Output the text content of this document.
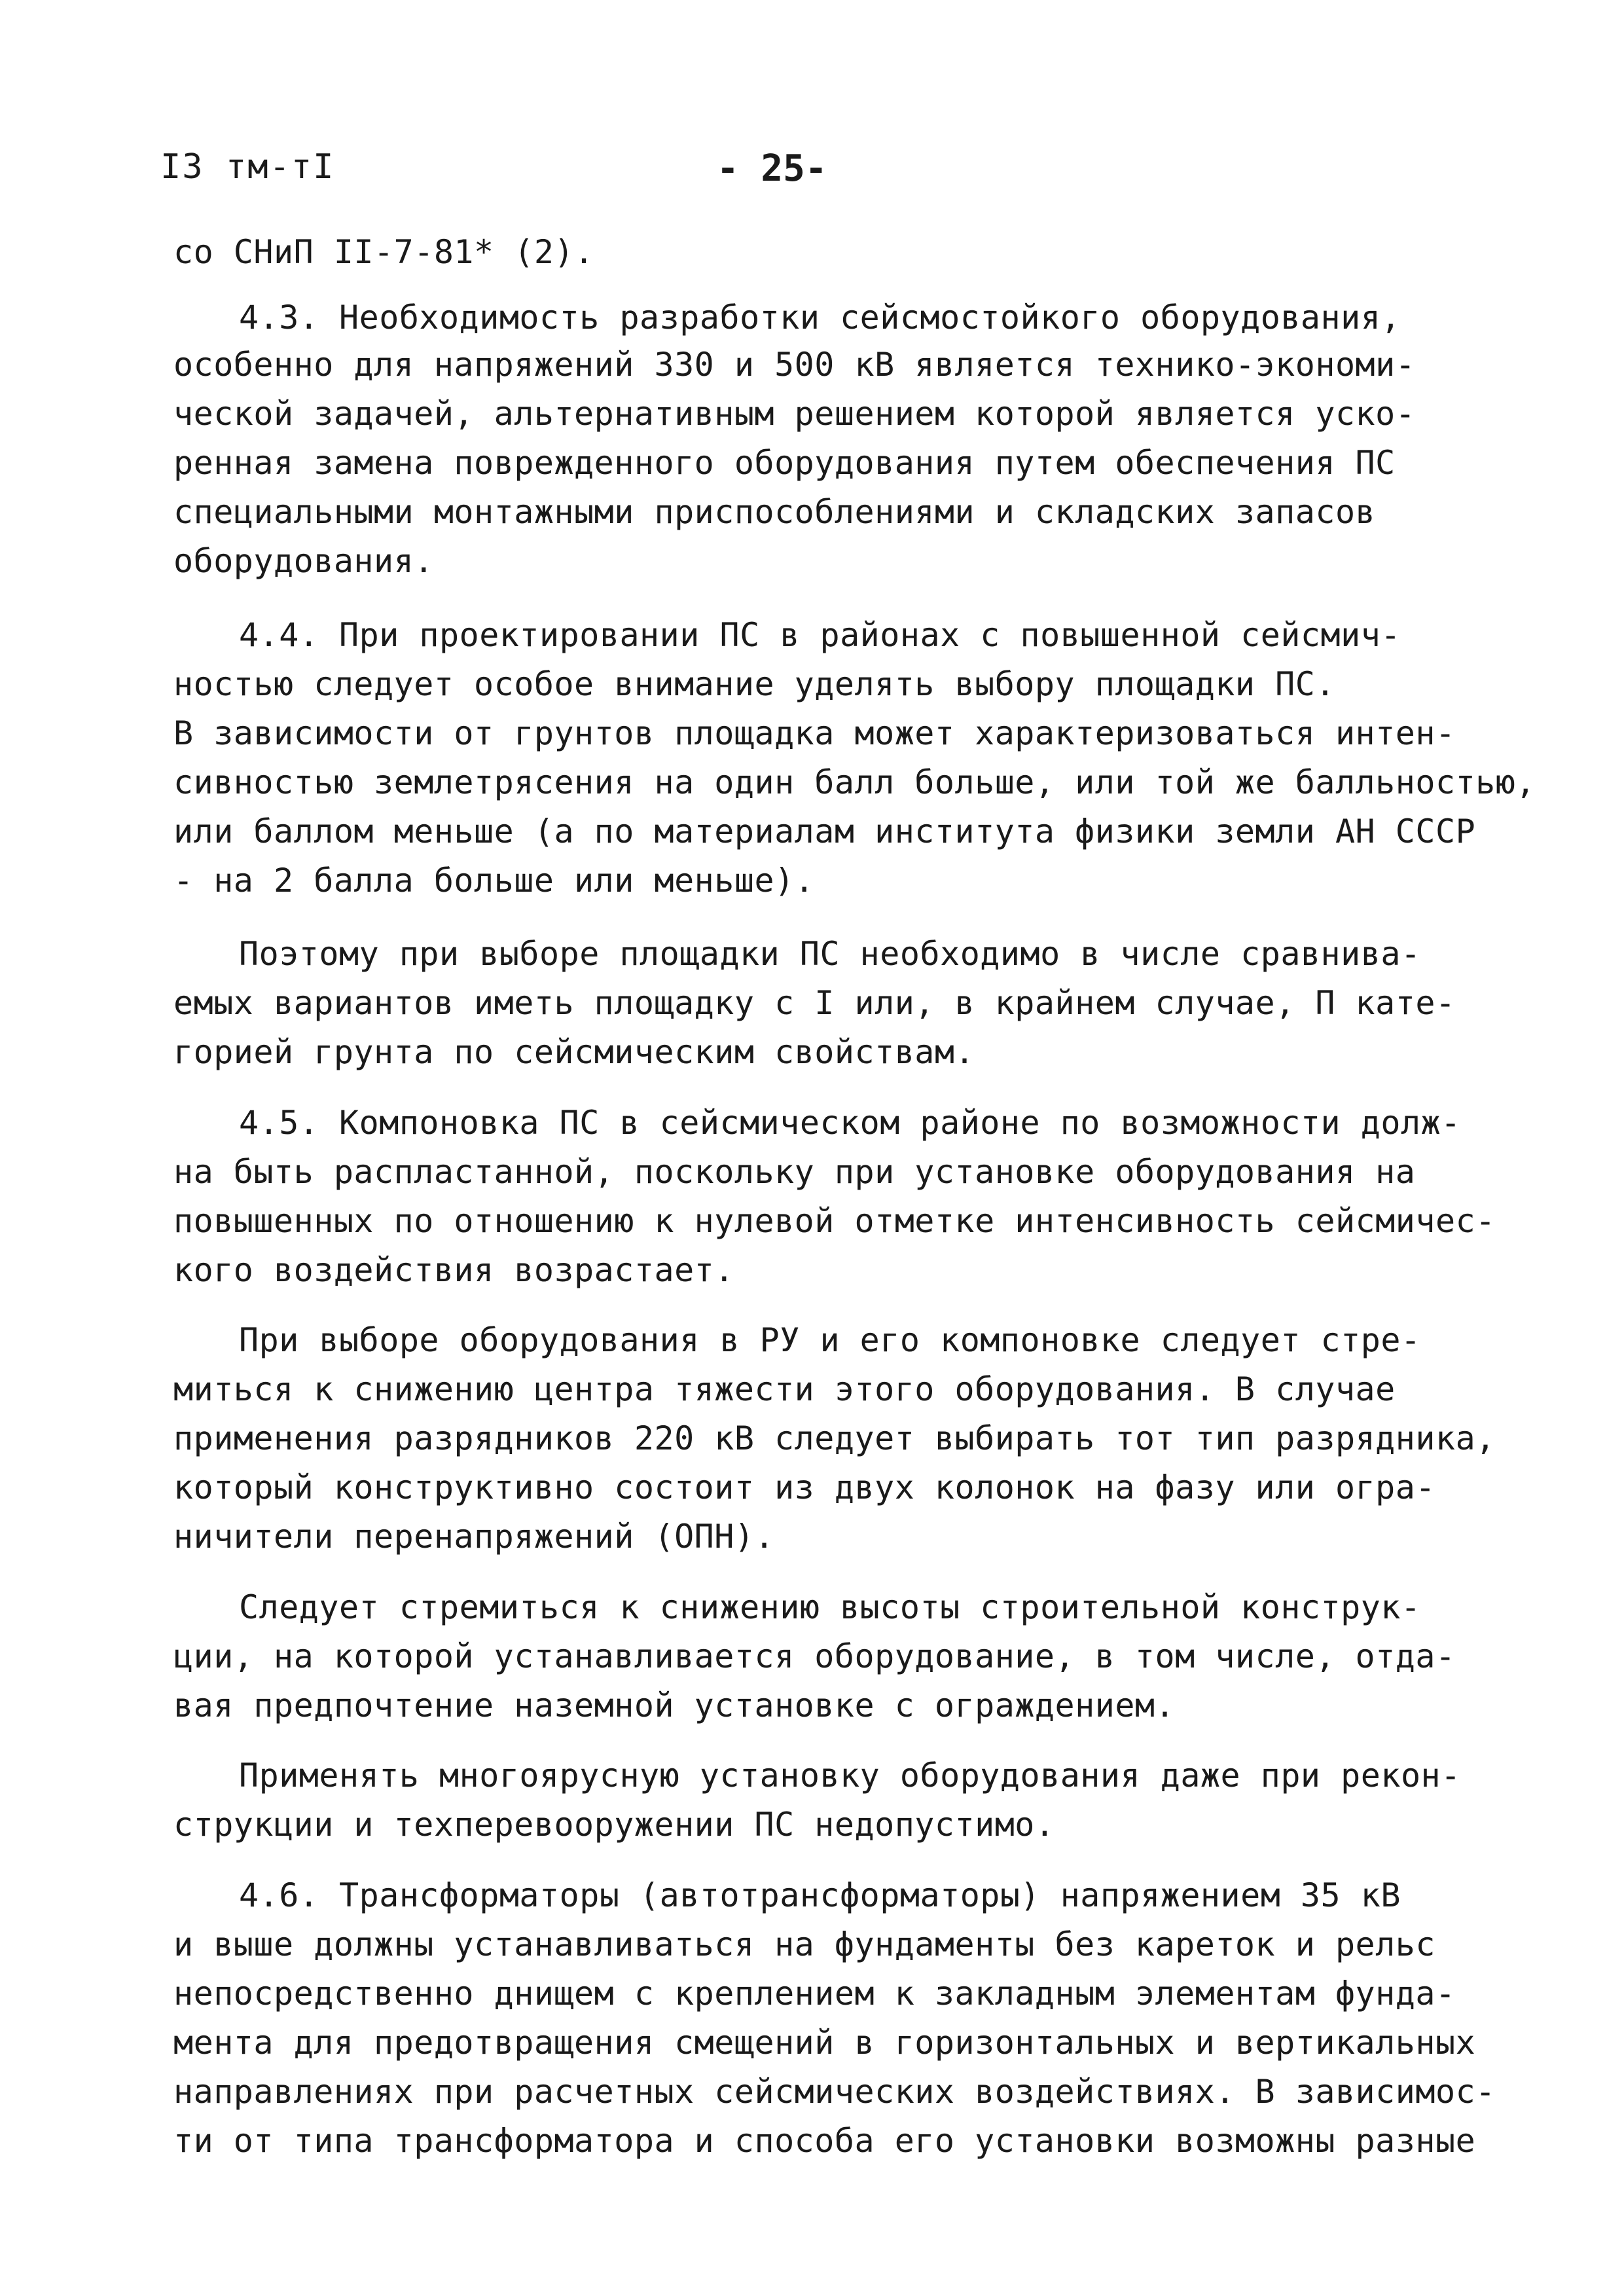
I3 тм-тI	- 25-
со СНиП II-7-81* (2).
4.3. Необходимость разработки сейсмостойкого оборудования,
особенно для напряжений 330 и 500 кВ является технико-экономи-
ческой задачей, альтернативным решением которой является уско-
ренная замена поврежденного оборудования путем обеспечения ПС
специальными монтажными приспособлениями и складских запасов
оборудования.
4.4. При проектировании ПС в районах с повышенной сейсмич-
ностью следует особое внимание уделять выбору площадки ПС.
В зависимости от грунтов площадка может характеризоваться интен-
сивностью землетрясения на один балл больше, или той же балльностью,
или баллом меньше (а по материалам института физики земли АН СССР
- на 2 балла больше или меньше).
Поэтому при выборе площадки ПС необходимо в числе сравнива-
емых вариантов иметь площадку с I или, в крайнем случае, П кате-
горией грунта по сейсмическим свойствам.
4.5. Компоновка ПС в сейсмическом районе по возможности долж-
на быть распластанной, поскольку при установке оборудования на
повышенных по отношению к нулевой отметке интенсивность сейсмичес-
кого воздействия возрастает.
При выборе оборудования в РУ и его компоновке следует стре-
миться к снижению центра тяжести этого оборудования. В случае
применения разрядников 220 кВ следует выбирать тот тип разрядника,
который конструктивно состоит из двух колонок на фазу или огра-
ничители перенапряжений (ОПН).
Следует стремиться к снижению высоты строительной конструк-
ции, на которой устанавливается оборудование, в том числе, отда-
вая предпочтение наземной установке с ограждением.
Применять многоярусную установку оборудования даже при рекон-
струкции и техперевооружении ПС недопустимо.
4.6. Трансформаторы (автотрансформаторы) напряжением 35 кВ
и выше должны устанавливаться на фундаменты без кареток и рельс
непосредственно днищем с креплением к закладным элементам фунда-
мента для предотвращения смещений в горизонтальных и вертикальных
направлениях при расчетных сейсмических воздействиях. В зависимос-
ти от типа трансформатора и способа его установки возможны разные
